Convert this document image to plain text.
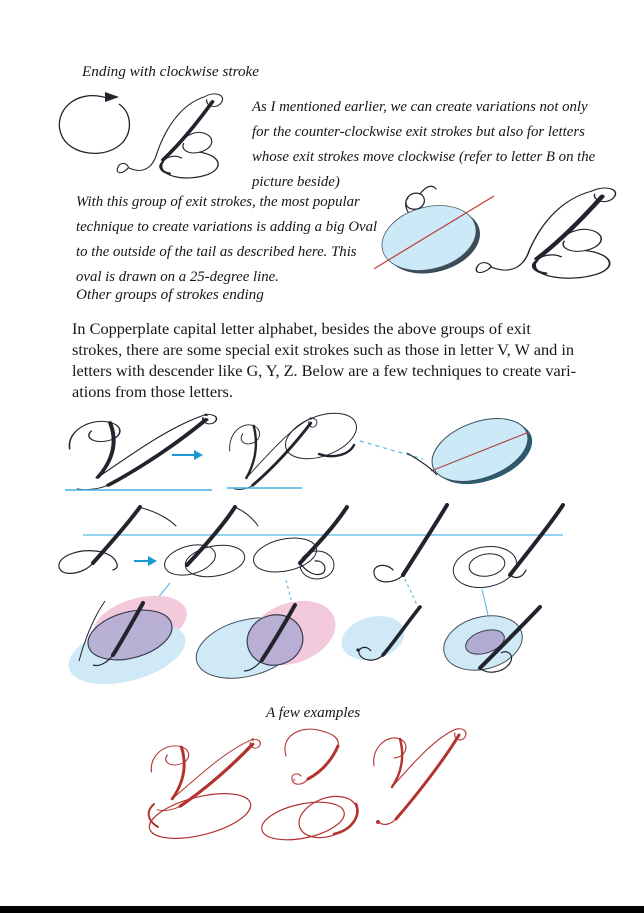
Ending with clockwise stroke
As I mentioned earlier, we can create variations not only
for the counter-clockwise exit strokes but also for letters
whose exit strokes move clockwise (refer to letter B on the
picture beside)
With this group of exit strokes, the most popular
technique to create variations is adding a big Oval
to the outside of the tail as described here. This
oval is drawn on a 25-degree line.
Other groups of strokes ending
In Copperplate capital letter alphabet, besides the above groups of exit
strokes, there are some special exit strokes such as those in letter V, W and in
letters with descender like G, Y, Z. Below are a few techniques to create vari-
ations from those letters.
A few examples
